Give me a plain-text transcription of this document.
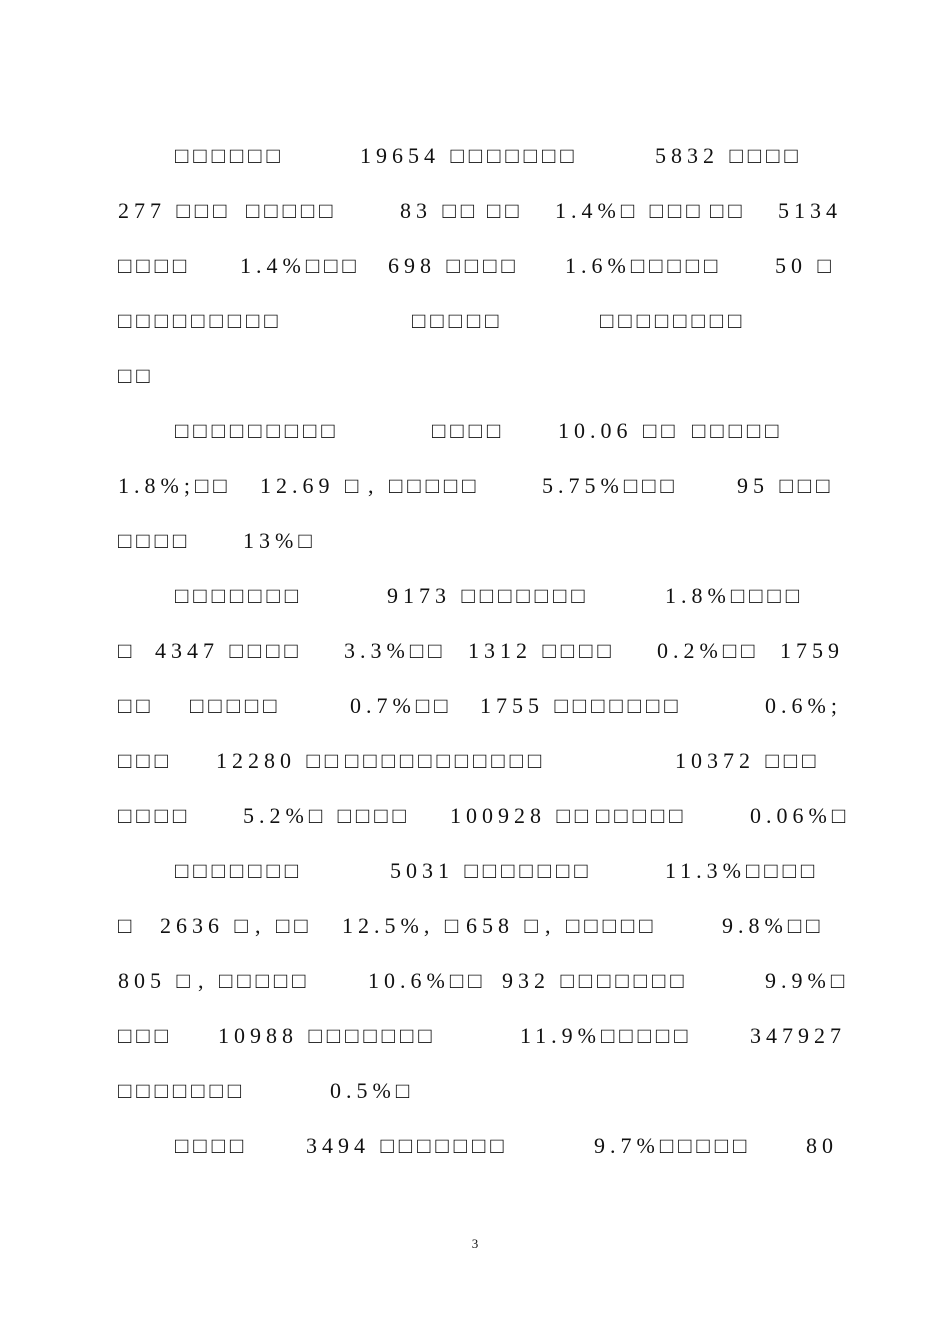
□□□□□□	19654 □□□□□□□	5832 □□□□
277 □□□ □□□□□	83 □□ □□ 1.4%□ □□□ □□ 5134
□□□□ 1.4%□□□ 698 □□□□ 1.6%□□□□□ 50 □
□□□□□□□□□	□□□□□	□□□□□□□□
□□
□□□□□□□□□	□□□□ 10.06 □□ □□□□□
1.8%;□□ 12.69 □ , □□□□□	5.75%□□□	95 □□□
□□□□ 13%□
□□□□□□□	9173 □□□□□□□	1.8%□□□□
□ 4347 □□□□ 3.3%□□ 1312 □□□□ 0.2%□□ 1759
□□ □□□□□	0.7%□□ 1755 □□□□□□□	0.6%;
□□□ 12280 □□ □□□□□□□□□□□	10372 □□□
□□□□ 5.2%□ □□□□ 100928 □□ □□□□□	0.06%□
□□□□□□□	5031 □□□□□□□	11.3%□□□□
□ 2636 □ , □□ 12.5%, □ 658 □ , □□□□□	9.8%□□
805 □ , □□□□□	10.6%□□ 932 □□□□□□□	9.9%□
□□□ 10988 □□□□□□□	11.9%□□□□□	347927
□□□□□□□	0.5%□
□□□□	3494 □□□□□□□	9.7%□□□□□ 80
3
